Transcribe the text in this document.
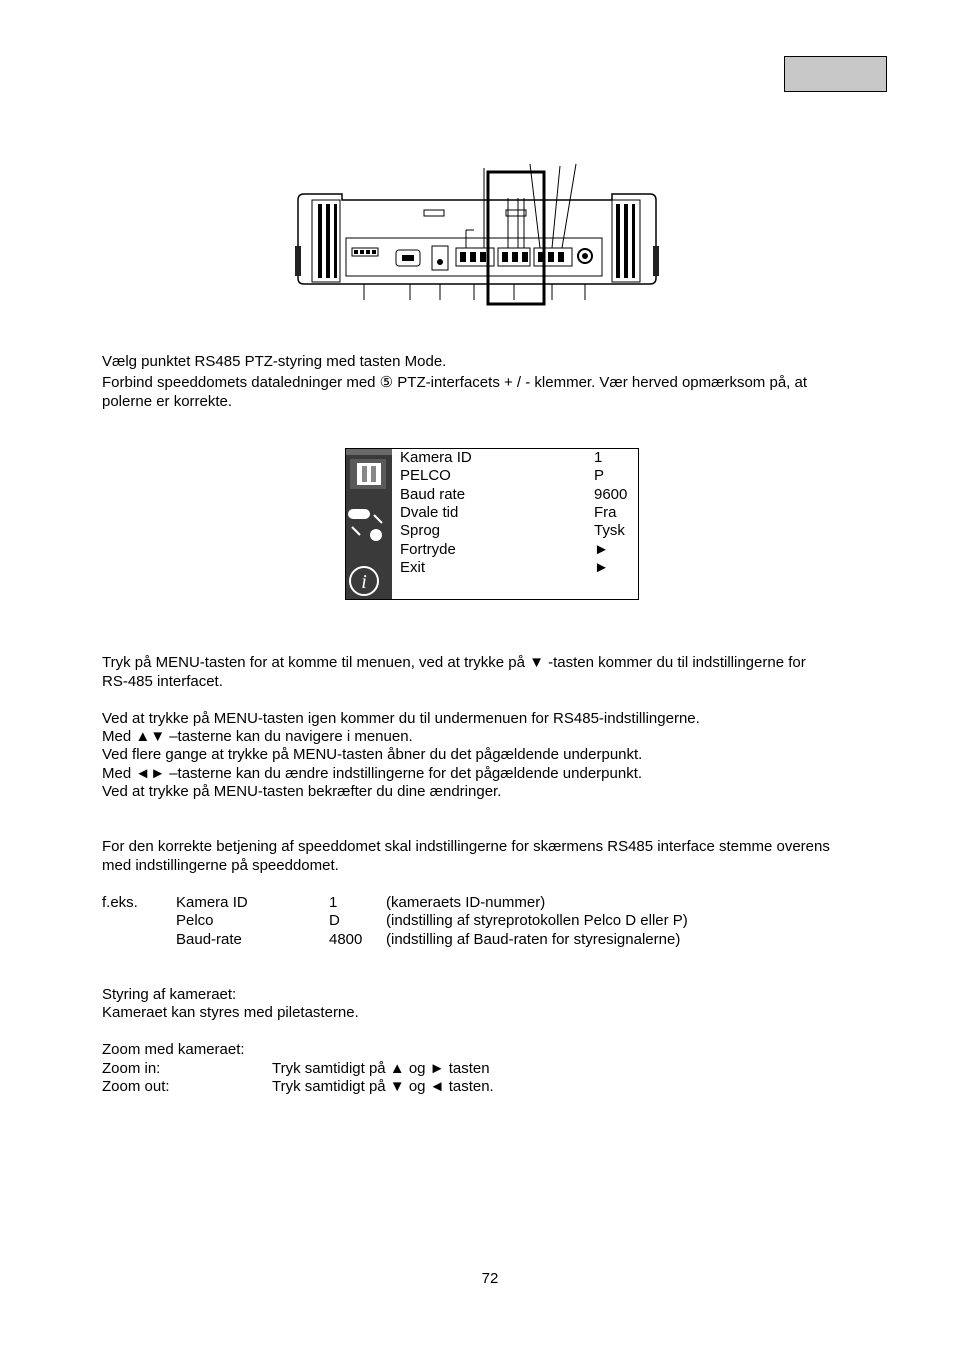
Vælg punktet RS485 PTZ-styring med tasten Mode.
Forbind speeddomets dataledninger med ⑤ PTZ-interfacets + / - klemmer. Vær herved opmærksom på, at
polerne er korrekte.
i
Kamera ID	1
PELCO	P
Baud rate	9600
Dvale tid	Fra
Sprog	Tysk
Fortryde	►
Exit	►
Tryk på MENU-tasten for at komme til menuen, ved at trykke på ▼ -tasten kommer du til indstillingerne for
RS-485 interfacet.
Ved at trykke på MENU-tasten igen kommer du til undermenuen for RS485-indstillingerne.
Med ▲▼ –tasterne kan du navigere i menuen.
Ved flere gange at trykke på MENU-tasten åbner du det pågældende underpunkt.
Med ◄► –tasterne kan du ændre indstillingerne for det pågældende underpunkt.
Ved at trykke på MENU-tasten bekræfter du dine ændringer.
For den korrekte betjening af speeddomet skal indstillingerne for skærmens RS485 interface stemme overens
med indstillingerne på speeddomet.
f.eks.	Kamera ID	1	(kameraets ID-nummer)
Pelco	D	(indstilling af styreprotokollen Pelco D eller P)
Baud-rate	4800 (indstilling af Baud-raten for styresignalerne)
Styring af kameraet:
Kameraet kan styres med piletasterne.
Zoom med kameraet:
Zoom in:	Tryk samtidigt på ▲ og ► tasten
Zoom out:	Tryk samtidigt på ▼ og ◄ tasten.
72
